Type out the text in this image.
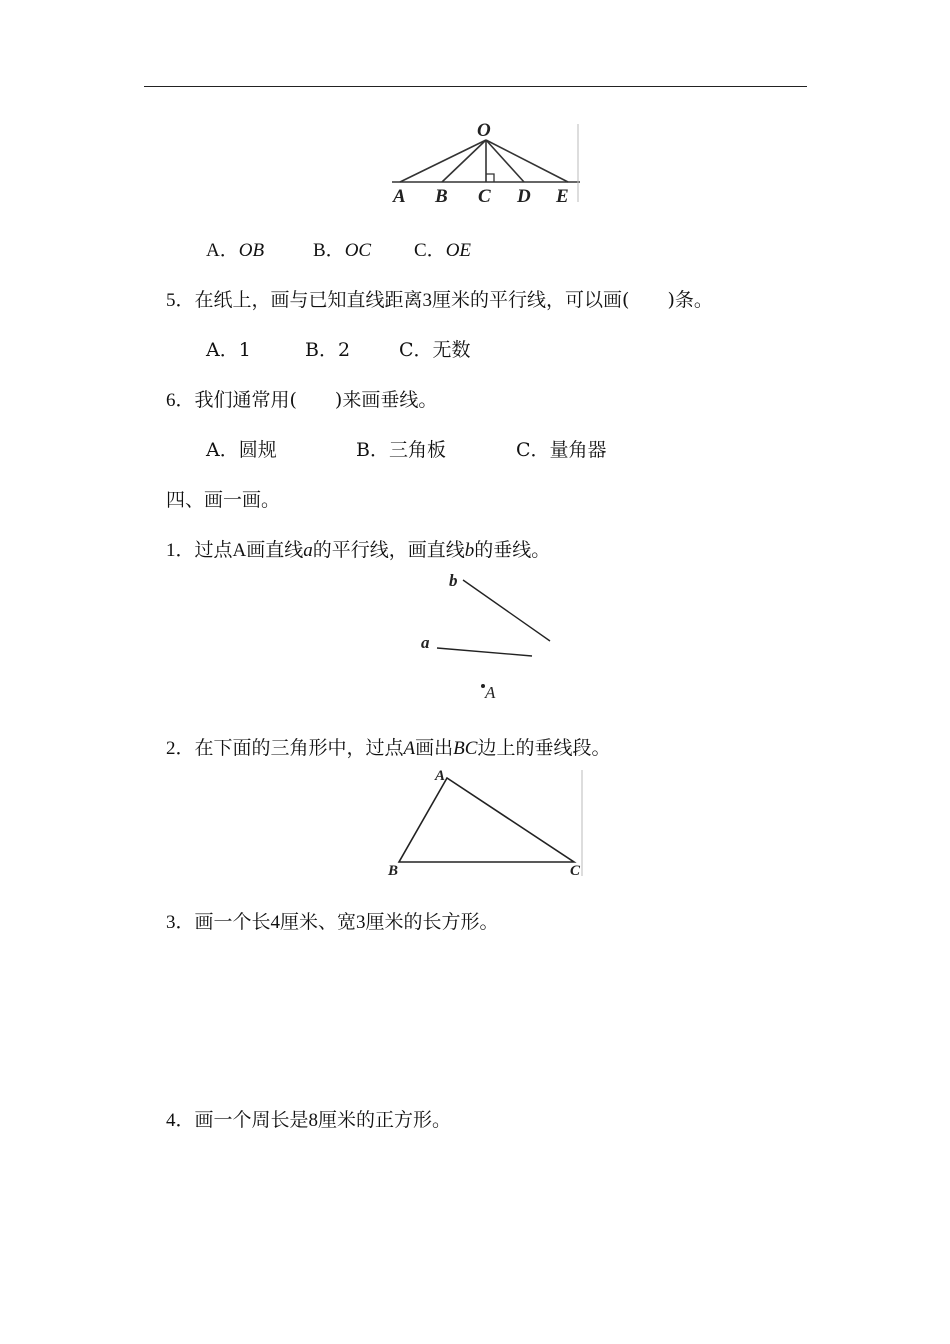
O
A B C D E
A．OB	B．OC C．OE
5．在纸上，画与已知直线距离3厘米的平行线，可以画(　　)条。
A．1	B．2	C．无数
6．我们通常用(　　)来画垂线。
A．圆规	B．三角板	C．量角器
四、画一画。
1．过点A画直线a的平行线，画直线b的垂线。
b
a
A
2．在下面的三角形中，过点A画出BC边上的垂线段。
A
B	C
3．画一个长4厘米、宽3厘米的长方形。
4．画一个周长是8厘米的正方形。
